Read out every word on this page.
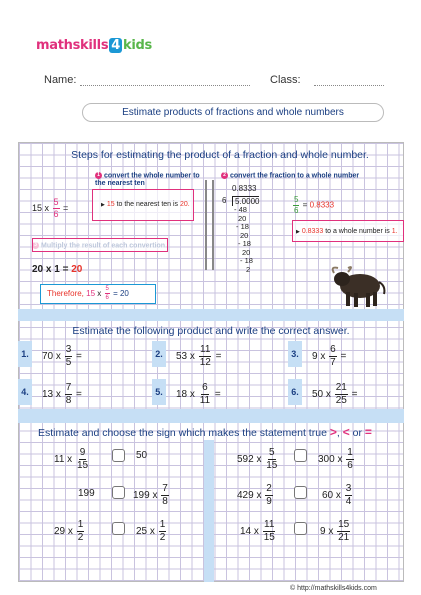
mathskills 4 kids
Name:	Class:
Estimate products of fractions and whole numbers
Steps for estimating the product of a fraction and whole number.
1 convert the whole number to the nearest ten
▶ 15 to the nearest ten is 20.
15 x $\frac{5}{6}$ =
2 convert the fraction to a whole number
0.8333
6	5.0000
- 48
20
- 18
20
- 18
20
- 18
2
$\frac{5}{6} = 0.8333$
▶ 0.8333 to a whole number is 1.
20 x 1 = 20
Therefore, 15 x $\frac{5}{6} = 20$
Estimate the following product and write the correct answer.
1.	70 x $\frac{3}{5}$ =	2.	53 x $\frac{11}{12}$ =	3.	9 x $\frac{6}{7}$ =
4.	13 x $\frac{7}{8}$ =	5.	18 x $\frac{6}{11}$ =	6.	50 x $\frac{21}{25}$ =
Estimate and choose the sign which makes the statement true >, < or =
11 x $\frac{9}{15}$	50	592 x $\frac{5}{15}$	300 x $\frac{1}{6}$
199	199 x $\frac{7}{8}$	429 x $\frac{2}{9}$	60 x $\frac{3}{4}$
29 x $\frac{1}{2}$	25 x $\frac{1}{2}$	14 x $\frac{11}{15}$	9 x $\frac{15}{21}$
© http://mathskills4kids.com
